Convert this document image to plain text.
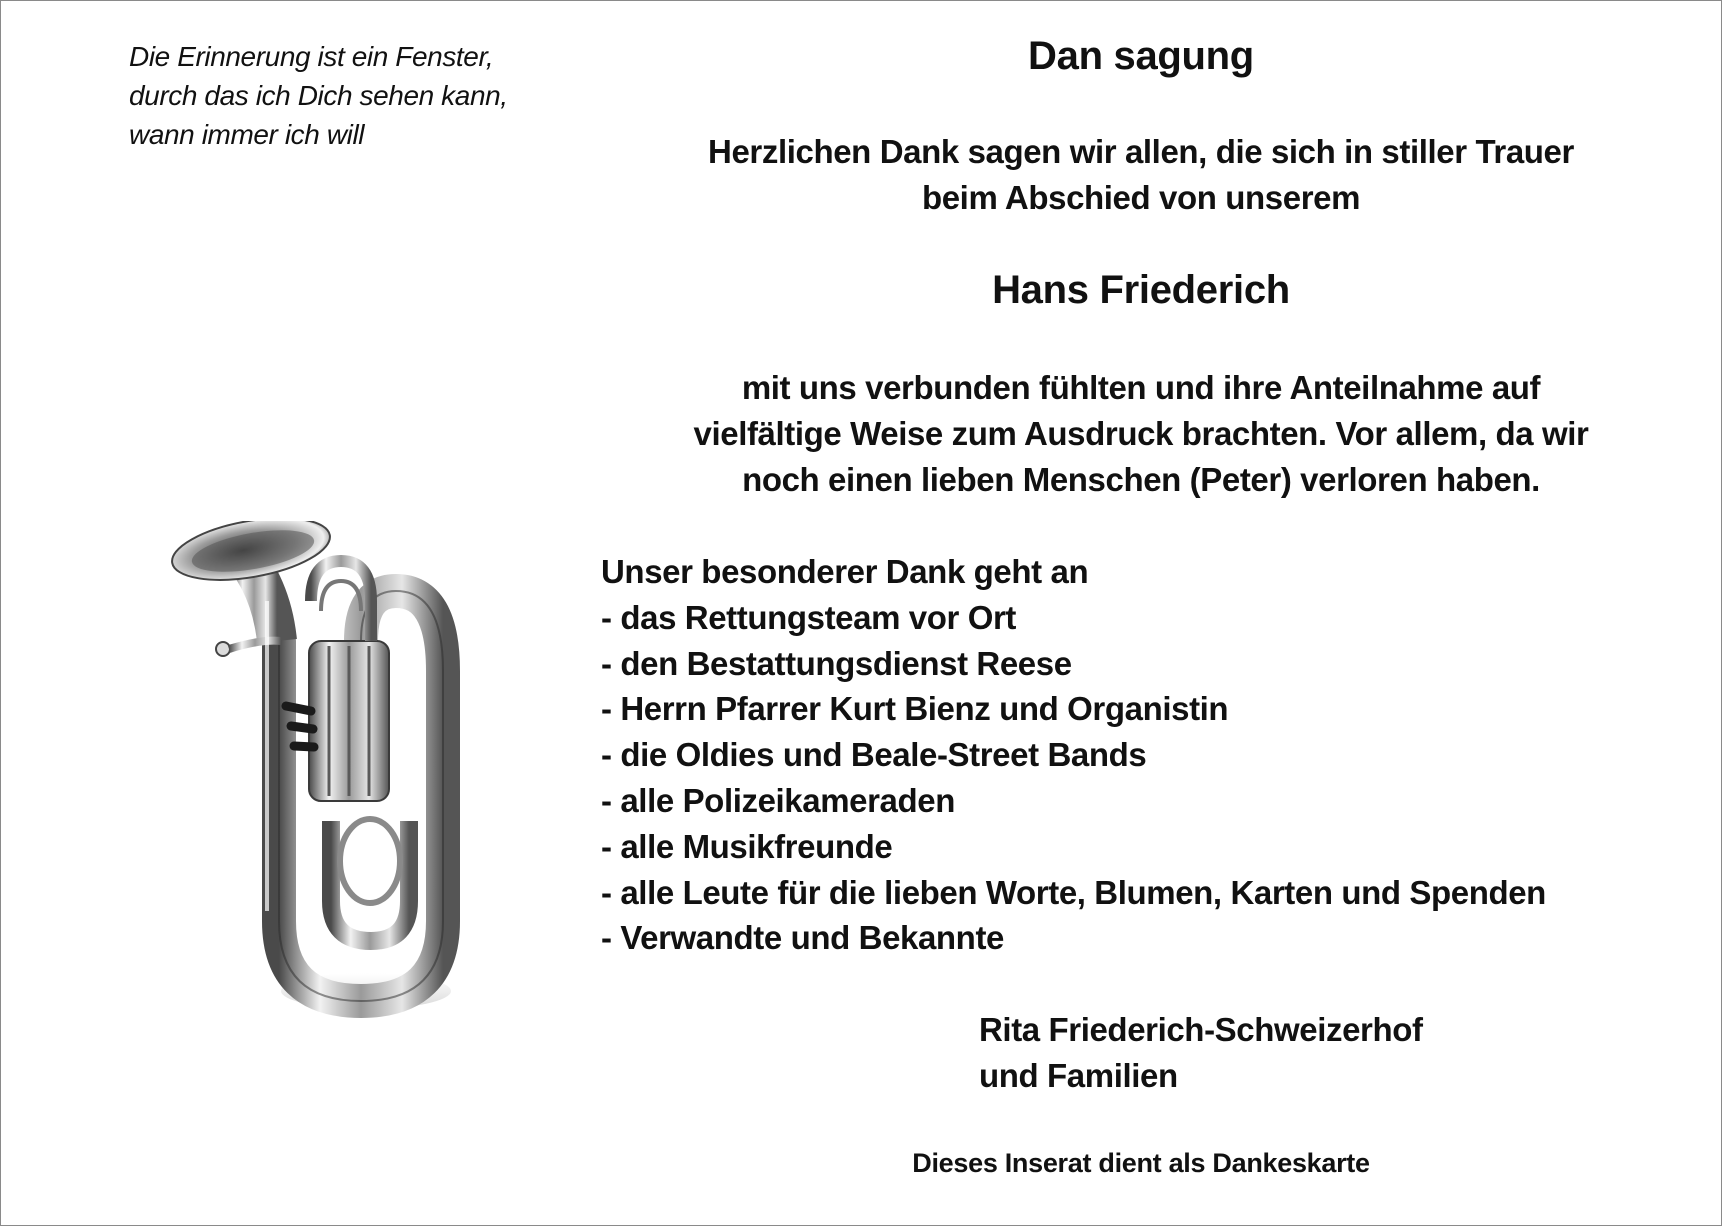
Die Erinnerung ist ein Fenster,
durch das ich Dich sehen kann,
wann immer ich will
Dan sagung
Herzlichen Dank sagen wir allen, die sich in stiller Trauer
beim Abschied von unserem
Hans Friederich
mit uns verbunden fühlten und ihre Anteilnahme auf
vielfältige Weise zum Ausdruck brachten. Vor allem, da wir
noch einen lieben Menschen (Peter) verloren haben.
Unser besonderer Dank geht an
- das Rettungsteam vor Ort
- den Bestattungsdienst Reese
- Herrn Pfarrer Kurt Bienz und Organistin
- die Oldies und Beale-Street Bands
- alle Polizeikameraden
- alle Musikfreunde
- alle Leute für die lieben Worte, Blumen, Karten und Spenden
- Verwandte und Bekannte
Rita Friederich-Schweizerhof
und Familien
Dieses Inserat dient als Dankeskarte
